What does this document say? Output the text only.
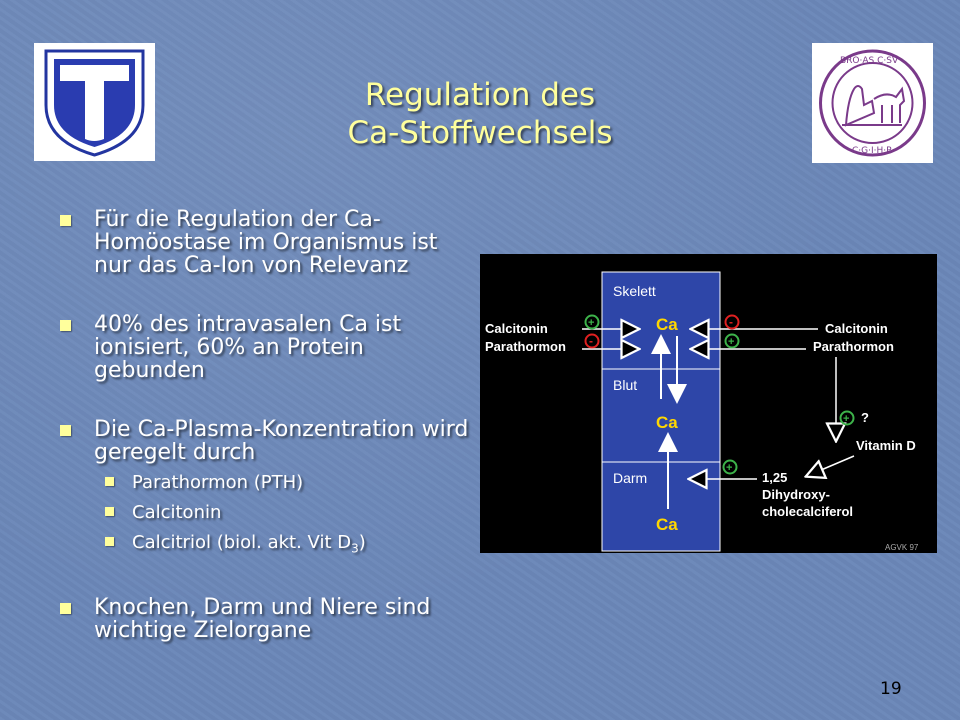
BRO·AS C·SV
C·G·I·H·P
Regulation des
Ca-Stoffwechsels
Für die Regulation der Ca-Homöostase im Organismus ist nur das Ca-Ion von Relevanz
40% des intravasalen Ca ist ionisiert, 60% an Protein gebunden
Die Ca-Plasma-Konzentration wird geregelt durch
Parathormon (PTH)
Calcitonin
Calcitriol (biol. akt. Vit $D_3$)
Knochen, Darm und Niere sind wichtige Zielorgane
Skelett
Blut
Darm
Ca
Ca
Ca
Calcitonin
Parathormon
+
-
Calcitonin
Parathormon
-
+
+ ?
Vitamin D
1,25
Dihydroxy-
cholecalciferol
+
AGVK 97
19
